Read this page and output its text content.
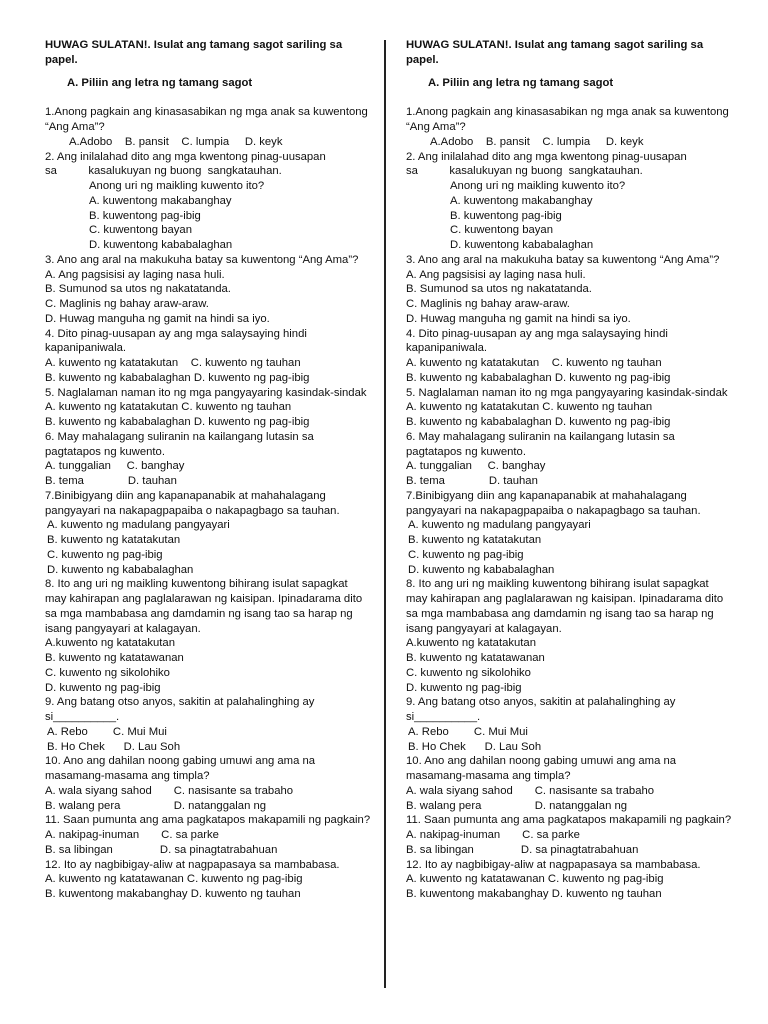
HUWAG SULATAN!. Isulat ang tamang sagot sariling sa papel.
A. Piliin ang letra ng tamang sagot
1.Anong pagkain ang kinasasabikan ng mga anak sa kuwentong “Ang Ama”?
A.Adobo    B. pansit    C. lumpia     D. keyk
2. Ang inilalahad dito ang mga kwentong pinag-uusapan
sa          kasalukuyan ng buong  sangkatauhan.
Anong uri ng maikling kuwento ito?
A. kuwentong makabanghay
B. kuwentong pag-ibig
C. kuwentong bayan
D. kuwentong kababalaghan
3. Ano ang aral na makukuha batay sa kuwentong “Ang Ama”?
A. Ang pagsisisi ay laging nasa huli.
B. Sumunod sa utos ng nakatatanda.
C. Maglinis ng bahay araw-araw.
D. Huwag manguha ng gamit na hindi sa iyo.
4. Dito pinag-uusapan ay ang mga salaysaying hindi kapanipaniwala.
A. kuwento ng katatakutan    C. kuwento ng tauhan
B. kuwento ng kababalaghan D. kuwento ng pag-ibig
5. Naglalaman naman ito ng mga pangyayaring kasindak-sindak
A. kuwento ng katatakutan C. kuwento ng tauhan
B. kuwento ng kababalaghan D. kuwento ng pag-ibig
6. May mahalagang suliranin na kailangang lutasin sa pagtatapos ng kuwento.
A. tunggalian     C. banghay
B. tema              D. tauhan
7.Binibigyang diin ang kapanapanabik at mahahalagang pangyayari na nakapagpapaiba o nakapagbago sa tauhan.
A. kuwento ng madulang pangyayari
B. kuwento ng katatakutan
C. kuwento ng pag-ibig
D. kuwento ng kababalaghan
8. Ito ang uri ng maikling kuwentong bihirang isulat sapagkat may kahirapan ang paglalarawan ng kaisipan. Ipinadarama dito sa mga mambabasa ang damdamin ng isang tao sa harap ng isang pangyayari at kalagayan.
A.kuwento ng katatakutan
B. kuwento ng katatawanan
C. kuwento ng sikolohiko
D. kuwento ng pag-ibig
9. Ang batang otso anyos, sakitin at palahalinghing ay si__________.
A. Rebo        C. Mui Mui
B. Ho Chek      D. Lau Soh
10. Ano ang dahilan noong gabing umuwi ang ama na masamang-masama ang timpla?
A. wala siyang sahod       C. nasisante sa trabaho
B. walang pera                 D. natanggalan ng
11. Saan pumunta ang ama pagkatapos makapamili ng pagkain?
A. nakipag-inuman       C. sa parke
B. sa libingan               D. sa pinagtatrabahuan
12. Ito ay nagbibigay-aliw at nagpapasaya sa mambabasa.
A. kuwento ng katatawanan C. kuwento ng pag-ibig
B. kuwentong makabanghay D. kuwento ng tauhan
HUWAG SULATAN!. Isulat ang tamang sagot sariling sa papel.
A. Piliin ang letra ng tamang sagot
1.Anong pagkain ang kinasasabikan ng mga anak sa kuwentong “Ang Ama”?
A.Adobo    B. pansit    C. lumpia     D. keyk
2. Ang inilalahad dito ang mga kwentong pinag-uusapan
sa          kasalukuyan ng buong  sangkatauhan.
Anong uri ng maikling kuwento ito?
A. kuwentong makabanghay
B. kuwentong pag-ibig
C. kuwentong bayan
D. kuwentong kababalaghan
3. Ano ang aral na makukuha batay sa kuwentong “Ang Ama”?
A. Ang pagsisisi ay laging nasa huli.
B. Sumunod sa utos ng nakatatanda.
C. Maglinis ng bahay araw-araw.
D. Huwag manguha ng gamit na hindi sa iyo.
4. Dito pinag-uusapan ay ang mga salaysaying hindi kapanipaniwala.
A. kuwento ng katatakutan    C. kuwento ng tauhan
B. kuwento ng kababalaghan D. kuwento ng pag-ibig
5. Naglalaman naman ito ng mga pangyayaring kasindak-sindak
A. kuwento ng katatakutan C. kuwento ng tauhan
B. kuwento ng kababalaghan D. kuwento ng pag-ibig
6. May mahalagang suliranin na kailangang lutasin sa pagtatapos ng kuwento.
A. tunggalian     C. banghay
B. tema              D. tauhan
7.Binibigyang diin ang kapanapanabik at mahahalagang pangyayari na nakapagpapaiba o nakapagbago sa tauhan.
A. kuwento ng madulang pangyayari
B. kuwento ng katatakutan
C. kuwento ng pag-ibig
D. kuwento ng kababalaghan
8. Ito ang uri ng maikling kuwentong bihirang isulat sapagkat may kahirapan ang paglalarawan ng kaisipan. Ipinadarama dito sa mga mambabasa ang damdamin ng isang tao sa harap ng isang pangyayari at kalagayan.
A.kuwento ng katatakutan
B. kuwento ng katatawanan
C. kuwento ng sikolohiko
D. kuwento ng pag-ibig
9. Ang batang otso anyos, sakitin at palahalinghing ay si__________.
A. Rebo        C. Mui Mui
B. Ho Chek      D. Lau Soh
10. Ano ang dahilan noong gabing umuwi ang ama na masamang-masama ang timpla?
A. wala siyang sahod       C. nasisante sa trabaho
B. walang pera                 D. natanggalan ng
11. Saan pumunta ang ama pagkatapos makapamili ng pagkain?
A. nakipag-inuman       C. sa parke
B. sa libingan               D. sa pinagtatrabahuan
12. Ito ay nagbibigay-aliw at nagpapasaya sa mambabasa.
A. kuwento ng katatawanan C. kuwento ng pag-ibig
B. kuwentong makabanghay D. kuwento ng tauhan
